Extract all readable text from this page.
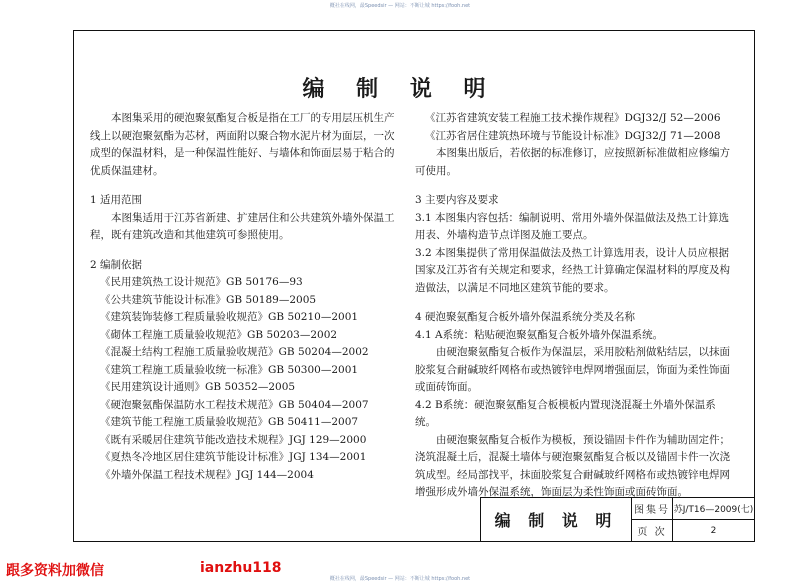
概社在线网，最Speedsir — 网站：不断让城 https://fooh.net
编 制 说 明

本图集采用的硬泡聚氨酯复合板是指在工厂的专用层压机生产线上以硬泡聚氨酯为芯材，两面附以聚合物水泥片材为面层，一次成型的保温材料，是一种保温性能好、与墙体和饰面层易于粘合的优质保温建材。

1 适用范围

本图集适用于江苏省新建、扩建居住和公共建筑外墙外保温工程，既有建筑改造和其他建筑可参照使用。

2 编制依据

《民用建筑热工设计规范》GB 50176—93

《公共建筑节能设计标准》GB 50189—2005

《建筑装饰装修工程质量验收规范》GB 50210—2001

《砌体工程施工质量验收规范》GB 50203—2002

《混凝土结构工程施工质量验收规范》GB 50204—2002

《建筑工程施工质量验收统一标准》GB 50300—2001

《民用建筑设计通则》GB 50352—2005

《硬泡聚氨酯保温防水工程技术规范》GB 50404—2007

《建筑节能工程施工质量验收规范》GB 50411—2007

《既有采暖居住建筑节能改造技术规程》JGJ 129—2000

《夏热冬冷地区居住建筑节能设计标准》JGJ 134—2001

《外墙外保温工程技术规程》JGJ 144—2004

《江苏省建筑安装工程施工技术操作规程》DGJ32/J 52—2006

《江苏省居住建筑热环境与节能设计标准》DGJ32/J 71—2008

本图集出版后，若依据的标准修订，应按照新标准做相应修编方可使用。

3 主要内容及要求

3.1 本图集内容包括：编制说明、常用外墙外保温做法及热工计算选用表、外墙构造节点详图及施工要点。

3.2 本图集提供了常用保温做法及热工计算选用表，设计人员应根据国家及江苏省有关规定和要求，经热工计算确定保温材料的厚度及构造做法，以满足不同地区建筑节能的要求。

4 硬泡聚氨酯复合板外墙外保温系统分类及名称

4.1 A系统：粘贴硬泡聚氨酯复合板外墙外保温系统。

由硬泡聚氨酯复合板作为保温层，采用胶粘剂做粘结层，以抹面胶浆复合耐碱玻纤网格布或热镀锌电焊网增强面层，饰面为柔性饰面或面砖饰面。

4.2 B系统：硬泡聚氨酯复合板模板内置现浇混凝土外墙外保温系统。

由硬泡聚氨酯复合板作为模板，预设锚固卡件作为辅助固定件；浇筑混凝土后，混凝土墙体与硬泡聚氨酯复合板以及锚固卡件一次浇筑成型。经局部找平，抹面胶浆复合耐碱玻纤网格布或热镀锌电焊网增强形成外墙外保温系统，饰面层为柔性饰面或面砖饰面。

编 制 说 明	图集号	苏J/T16—2009(七)
	页 次	2
跟多资料加微信	ianzhu118
概社在线网，最Speedsir — 网站：不断让城 https://fooh.net
